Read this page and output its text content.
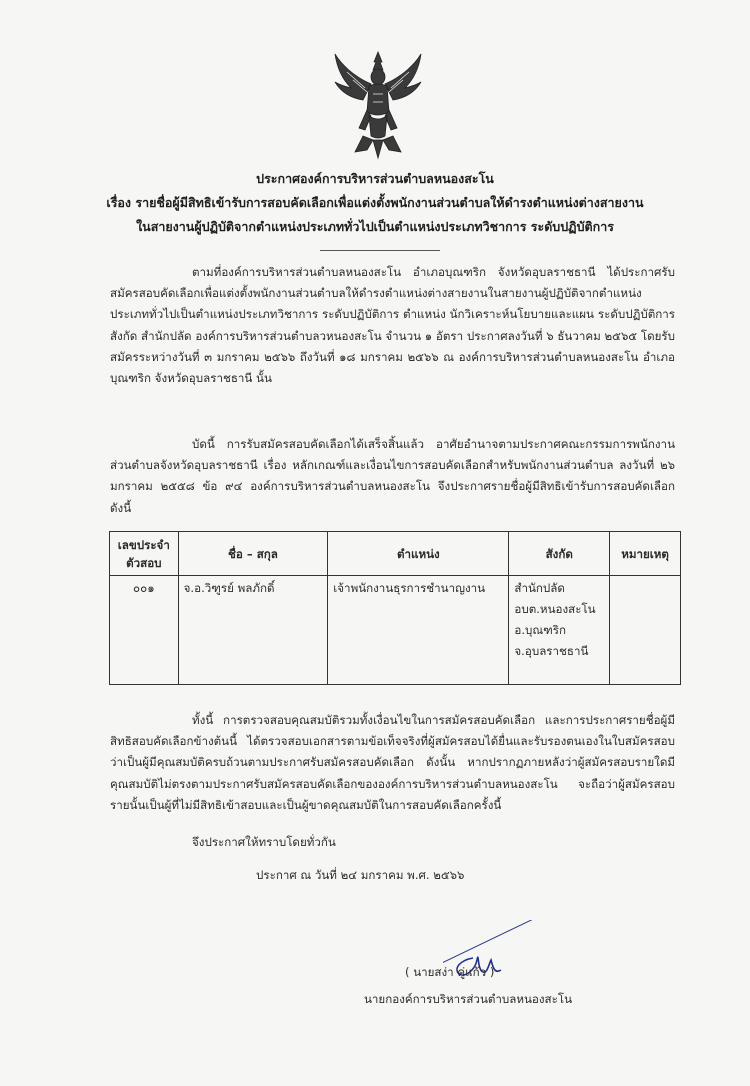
ประกาศองค์การบริหารส่วนตำบลหนองสะโน
เรื่อง รายชื่อผู้มีสิทธิเข้ารับการสอบคัดเลือกเพื่อแต่งตั้งพนักงานส่วนตำบลให้ดำรงตำแหน่งต่างสายงาน
ในสายงานผู้ปฏิบัติจากตำแหน่งประเภททั่วไปเป็นตำแหน่งประเภทวิชาการ ระดับปฏิบัติการ
ตามที่องค์การบริหารส่วนตำบลหนองสะโน อำเภอบุณฑริก จังหวัดอุบลราชธานี ได้ประกาศรับสมัครสอบคัดเลือกเพื่อแต่งตั้งพนักงานส่วนตำบลให้ดำรงตำแหน่งต่างสายงานในสายงานผู้ปฏิบัติจากตำแหน่งประเภททั่วไปเป็นตำแหน่งประเภทวิชาการ ระดับปฏิบัติการ ตำแหน่ง นักวิเคราะห์นโยบายและแผน ระดับปฏิบัติการ สังกัด สำนักปลัด องค์การบริหารส่วนตำบลวหนองสะโน จำนวน ๑ อัตรา ประกาศลงวันที่ ๖ ธันวาคม ๒๕๖๕ โดยรับสมัครระหว่างวันที่ ๓ มกราคม ๒๕๖๖ ถึงวันที่ ๑๘ มกราคม ๒๕๖๖ ณ องค์การบริหารส่วนตำบลหนองสะโน อำเภอบุณฑริก จังหวัดอุบลราชธานี นั้น
บัดนี้ การรับสมัครสอบคัดเลือกได้เสร็จสิ้นแล้ว อาศัยอำนาจตามประกาศคณะกรรมการพนักงานส่วนตำบลจังหวัดอุบลราชธานี เรื่อง หลักเกณฑ์และเงื่อนไขการสอบคัดเลือกสำหรับพนักงานส่วนตำบล ลงวันที่ ๒๖ มกราคม ๒๕๕๘ ข้อ ๙๔ องค์การบริหารส่วนตำบลหนองสะโน จึงประกาศรายชื่อผู้มีสิทธิเข้ารับการสอบคัดเลือก ดังนี้
เลขประจำตัวสอบ	ชื่อ – สกุล	ตำแหน่ง	สังกัด	หมายเหตุ
๐๐๑	จ.อ.วิฑูรย์ พลภักดิ์	เจ้าพนักงานธุรการชำนาญงาน	สำนักปลัด
อบต.หนองสะโน
อ.บุณฑริก
จ.อุบลราชธานี	

ทั้งนี้ การตรวจสอบคุณสมบัติรวมทั้งเงื่อนไขในการสมัครสอบคัดเลือก และการประกาศรายชื่อผู้มีสิทธิสอบคัดเลือกข้างต้นนี้ ได้ตรวจสอบเอกสารตามข้อเท็จจริงที่ผู้สมัครสอบได้ยื่นและรับรองตนเองในใบสมัครสอบว่าเป็นผู้มีคุณสมบัติครบถ้วนตามประกาศรับสมัครสอบคัดเลือก ดังนั้น หากปรากฏภายหลังว่าผู้สมัครสอบรายใดมีคุณสมบัติไม่ตรงตามประกาศรับสมัครสอบคัดเลือกขององค์การบริหารส่วนตำบลหนองสะโน จะถือว่าผู้สมัครสอบรายนั้นเป็นผู้ที่ไม่มีสิทธิเข้าสอบและเป็นผู้ขาดคุณสมบัติในการสอบคัดเลือกครั้งนี้
จึงประกาศให้ทราบโดยทั่วกัน
ประกาศ ณ วันที่ ๒๔ มกราคม พ.ศ. ๒๕๖๖
( นายสง่า คู่แก้ว )
นายกองค์การบริหารส่วนตำบลหนองสะโน
